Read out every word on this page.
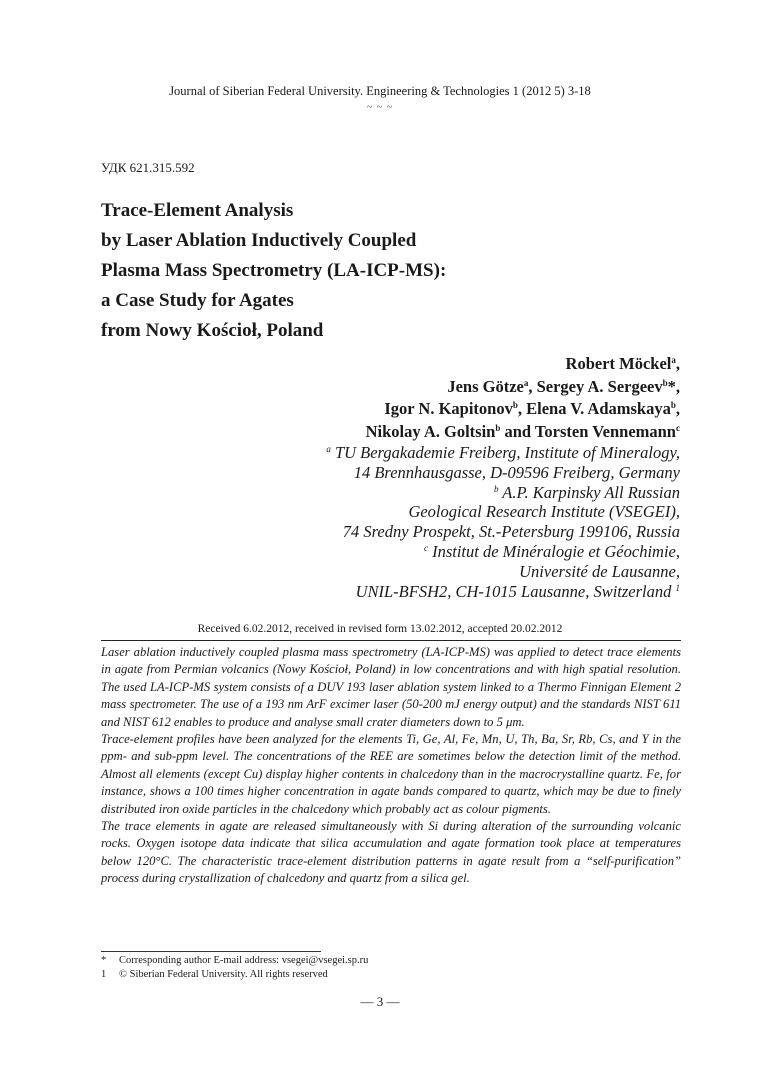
Journal of Siberian Federal University. Engineering & Technologies 1 (2012 5) 3-18
~ ~ ~
УДК 621.315.592
Trace-Element Analysis
by Laser Ablation Inductively Coupled
Plasma Mass Spectrometry (LA-ICP-MS):
a Case Study for Agates
from Nowy Kościoł, Poland
Robert Möckel$^a$,
Jens Götze$^a$, Sergey A. Sergeev$^b$*,
Igor N. Kapitonov$^b$, Elena V. Adamskaya$^b$,
Nikolay A. Goltsin$^b$ and Torsten Vennemann$^c$
$^a$ TU Bergakademie Freiberg, Institute of Mineralogy,
14 Brennhausgasse, D-09596 Freiberg, Germany
$^b$ A.P. Karpinsky All Russian
Geological Research Institute (VSEGEI),
74 Sredny Prospekt, St.-Petersburg 199106, Russia
$^c$ Institut de Minéralogie et Géochimie,
Université de Lausanne,
UNIL-BFSH2, CH-1015 Lausanne, Switzerland $^1$
Received 6.02.2012, received in revised form 13.02.2012, accepted 20.02.2012

Laser ablation inductively coupled plasma mass spectrometry (LA-ICP-MS) was applied to detect trace elements in agate from Permian volcanics (Nowy Kościoł, Poland) in low concentrations and with high spatial resolution. The used LA-ICP-MS system consists of a DUV 193 laser ablation system linked to a Thermo Finnigan Element 2 mass spectrometer. The use of a 193 nm ArF excimer laser (50-200 mJ energy output) and the standards NIST 611 and NIST 612 enables to produce and analyse small crater diameters down to 5 μm.

Trace-element profiles have been analyzed for the elements Ti, Ge, Al, Fe, Mn, U, Th, Ba, Sr, Rb, Cs, and Y in the ppm- and sub-ppm level. The concentrations of the REE are sometimes below the detection limit of the method. Almost all elements (except Cu) display higher contents in chalcedony than in the macrocrystalline quartz. Fe, for instance, shows a 100 times higher concentration in agate bands compared to quartz, which may be due to finely distributed iron oxide particles in the chalcedony which probably act as colour pigments.

The trace elements in agate are released simultaneously with Si during alteration of the surrounding volcanic rocks. Oxygen isotope data indicate that silica accumulation and agate formation took place at temperatures below 120°C. The characteristic trace-element distribution patterns in agate result from a “self-purification” process during crystallization of chalcedony and quartz from a silica gel.

* Corresponding author E-mail address: vsegei@vsegei.sp.ru
1 © Siberian Federal University. All rights reserved
— 3 —
